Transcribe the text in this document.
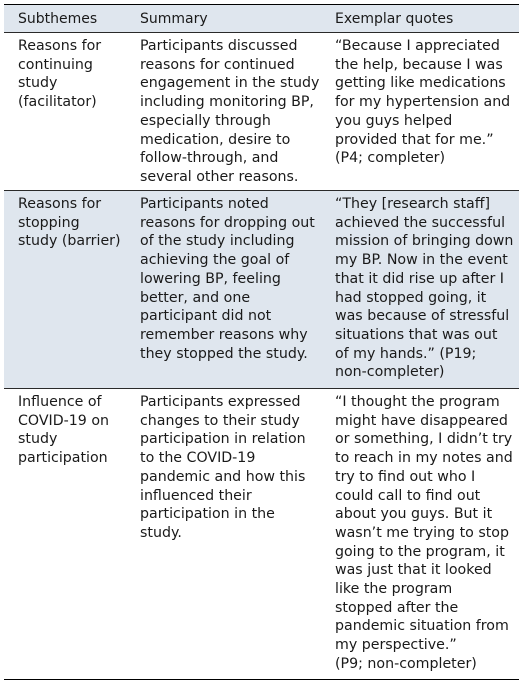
Subthemes	Summary	Exemplar quotes
Reasons for
continuing
study
(facilitator)
Participants discussed
reasons for continued
engagement in the study
including monitoring BP,
especially through
medication, desire to
follow-through, and
several other reasons.
“Because I appreciated
the help, because I was
getting like medications
for my hypertension and
you guys helped
provided that for me.”
(P4; completer)
Reasons for
stopping
study (barrier)
Participants noted
reasons for dropping out
of the study including
achieving the goal of
lowering BP, feeling
better, and one
participant did not
remember reasons why
they stopped the study.
“They [research staff]
achieved the successful
mission of bringing down
my BP. Now in the event
that it did rise up after I
had stopped going, it
was because of stressful
situations that was out
of my hands.” (P19;
non-completer)
Influence of
COVID-19 on
study
participation
Participants expressed
changes to their study
participation in relation
to the COVID-19
pandemic and how this
influenced their
participation in the
study.
“I thought the program
might have disappeared
or something, I didn’t try
to reach in my notes and
try to find out who I
could call to find out
about you guys. But it
wasn’t me trying to stop
going to the program, it
was just that it looked
like the program
stopped after the
pandemic situation from
my perspective.”
(P9; non-completer)
